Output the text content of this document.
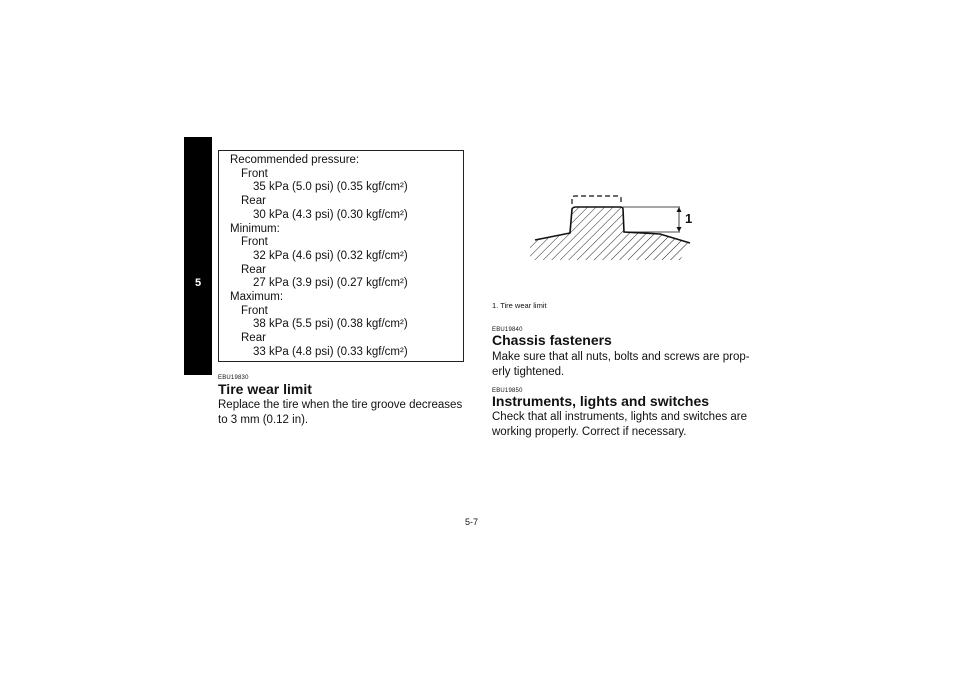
5
Recommended pressure:
Front
35 kPa (5.0 psi) (0.35 kgf/cm²)
Rear
30 kPa (4.3 psi) (0.30 kgf/cm²)
Minimum:
Front
32 kPa (4.6 psi) (0.32 kgf/cm²)
Rear
27 kPa (3.9 psi) (0.27 kgf/cm²)
Maximum:
Front
38 kPa (5.5 psi) (0.38 kgf/cm²)
Rear
33 kPa (4.8 psi) (0.33 kgf/cm²)
EBU19830
Tire wear limit
Replace the tire when the tire groove decreases to 3 mm (0.12 in).
1
1. Tire wear limit
EBU19840
Chassis fasteners
Make sure that all nuts, bolts and screws are prop-erly tightened.
EBU19850
Instruments, lights and switches
Check that all instruments, lights and switches are working properly. Correct if necessary.
5-7
